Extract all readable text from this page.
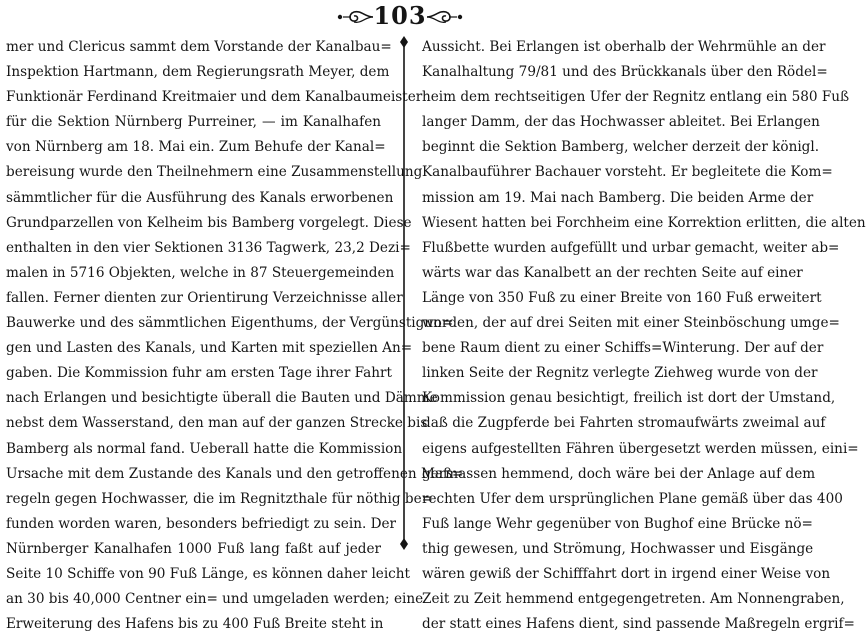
103
mer und Clericus sammt dem Vorstande der Kanalbau=
Inspektion Hartmann, dem Regierungsrath Meyer, dem
Funktionär Ferdinand Kreitmaier und dem Kanalbaumeister
für die Sektion Nürnberg Purreiner, — im Kanalhafen
von Nürnberg am 18. Mai ein. Zum Behufe der Kanal=
bereisung wurde den Theilnehmern eine Zusammenstellung
sämmtlicher für die Ausführung des Kanals erworbenen
Grundparzellen von Kelheim bis Bamberg vorgelegt. Diese
enthalten in den vier Sektionen 3136 Tagwerk, 23,2 Dezi=
malen in 5716 Objekten, welche in 87 Steuergemeinden
fallen. Ferner dienten zur Orientirung Verzeichnisse aller
Bauwerke und des sämmtlichen Eigenthums, der Vergünstigun=
gen und Lasten des Kanals, und Karten mit speziellen An=
gaben. Die Kommission fuhr am ersten Tage ihrer Fahrt
nach Erlangen und besichtigte überall die Bauten und Dämme
nebst dem Wasserstand, den man auf der ganzen Strecke bis
Bamberg als normal fand. Ueberall hatte die Kommission
Ursache mit dem Zustande des Kanals und den getroffenen Maß=
regeln gegen Hochwasser, die im Regnitzthale für nöthig be=
funden worden waren, besonders befriedigt zu sein. Der
Nürnberger Kanalhafen 1000 Fuß lang faßt auf jeder
Seite 10 Schiffe von 90 Fuß Länge, es können daher leicht
an 30 bis 40,000 Centner ein= und umgeladen werden; eine
Erweiterung des Hafens bis zu 400 Fuß Breite steht in
Aussicht. Bei Erlangen ist oberhalb der Wehrmühle an der
Kanalhaltung 79/81 und des Brückkanals über den Rödel=
heim dem rechtseitigen Ufer der Regnitz entlang ein 580 Fuß
langer Damm, der das Hochwasser ableitet. Bei Erlangen
beginnt die Sektion Bamberg, welcher derzeit der königl.
Kanalbauführer Bachauer vorsteht. Er begleitete die Kom=
mission am 19. Mai nach Bamberg. Die beiden Arme der
Wiesent hatten bei Forchheim eine Korrektion erlitten, die alten
Flußbette wurden aufgefüllt und urbar gemacht, weiter ab=
wärts war das Kanalbett an der rechten Seite auf einer
Länge von 350 Fuß zu einer Breite von 160 Fuß erweitert
worden, der auf drei Seiten mit einer Steinböschung umge=
bene Raum dient zu einer Schiffs=Winterung. Der auf der
linken Seite der Regnitz verlegte Ziehweg wurde von der
Kommission genau besichtigt, freilich ist dort der Umstand,
daß die Zugpferde bei Fahrten stromaufwärts zweimal auf
eigens aufgestellten Fähren übergesetzt werden müssen, eini=
germassen hemmend, doch wäre bei der Anlage auf dem
rechten Ufer dem ursprünglichen Plane gemäß über das 400
Fuß lange Wehr gegenüber von Bughof eine Brücke nö=
thig gewesen, und Strömung, Hochwasser und Eisgänge
wären gewiß der Schifffahrt dort in irgend einer Weise von
Zeit zu Zeit hemmend entgegengetreten. Am Nonnengraben,
der statt eines Hafens dient, sind passende Maßregeln ergrif=
